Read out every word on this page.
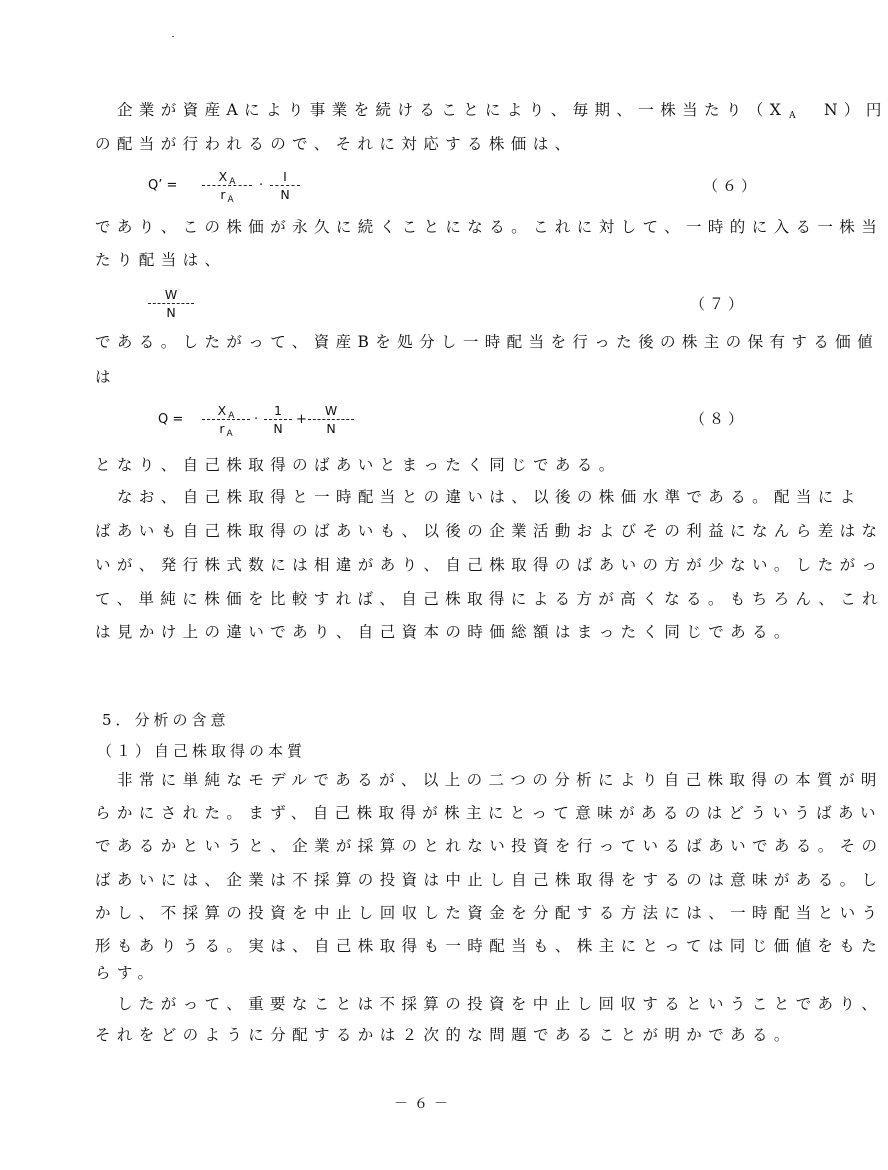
企業が資産Aにより事業を続けることにより、毎期、一株当たり（X $_A$　 N）円
の配当が行われるので、それに対応する株価は、
Q’ =
X $_A$
r $_A$
·
I
N	（６）
であり、この株価が永久に続くことになる。これに対して、一時的に入る一株当
たり配当は、
W
N	（７）
である。したがって、資産Bを処分し一時配当を行った後の株主の保有する価値
は
Q =
X $_A$
r $_A$
·
1
N
+
W
N
（８）
となり、自己株取得のばあいとまったく同じである。
なお、自己株取得と一時配当との違いは、以後の株価水準である。配当によ
ばあいも自己株取得のばあいも、以後の企業活動およびその利益になんら差はな
いが、発行株式数には相違があり、自己株取得のばあいの方が少ない。したがっ
て、単純に株価を比較すれば、自己株取得による方が高くなる。もちろん、これ
は見かけ上の違いであり、自己資本の時価総額はまったく同じである。
5．分析の含意
（１）自己株取得の本質
非常に単純なモデルであるが、以上の二つの分析により自己株取得の本質が明
らかにされた。まず、自己株取得が株主にとって意味があるのはどういうばあい
であるかというと、企業が採算のとれない投資を行っているばあいである。その
ばあいには、企業は不採算の投資は中止し自己株取得をするのは意味がある。し
かし、不採算の投資を中止し回収した資金を分配する方法には、一時配当という
形もありうる。実は、自己株取得も一時配当も、株主にとっては同じ価値をもた
らす。
したがって、重要なことは不採算の投資を中止し回収するということであり、
それをどのように分配するかは２次的な問題であることが明かである。
－６－
